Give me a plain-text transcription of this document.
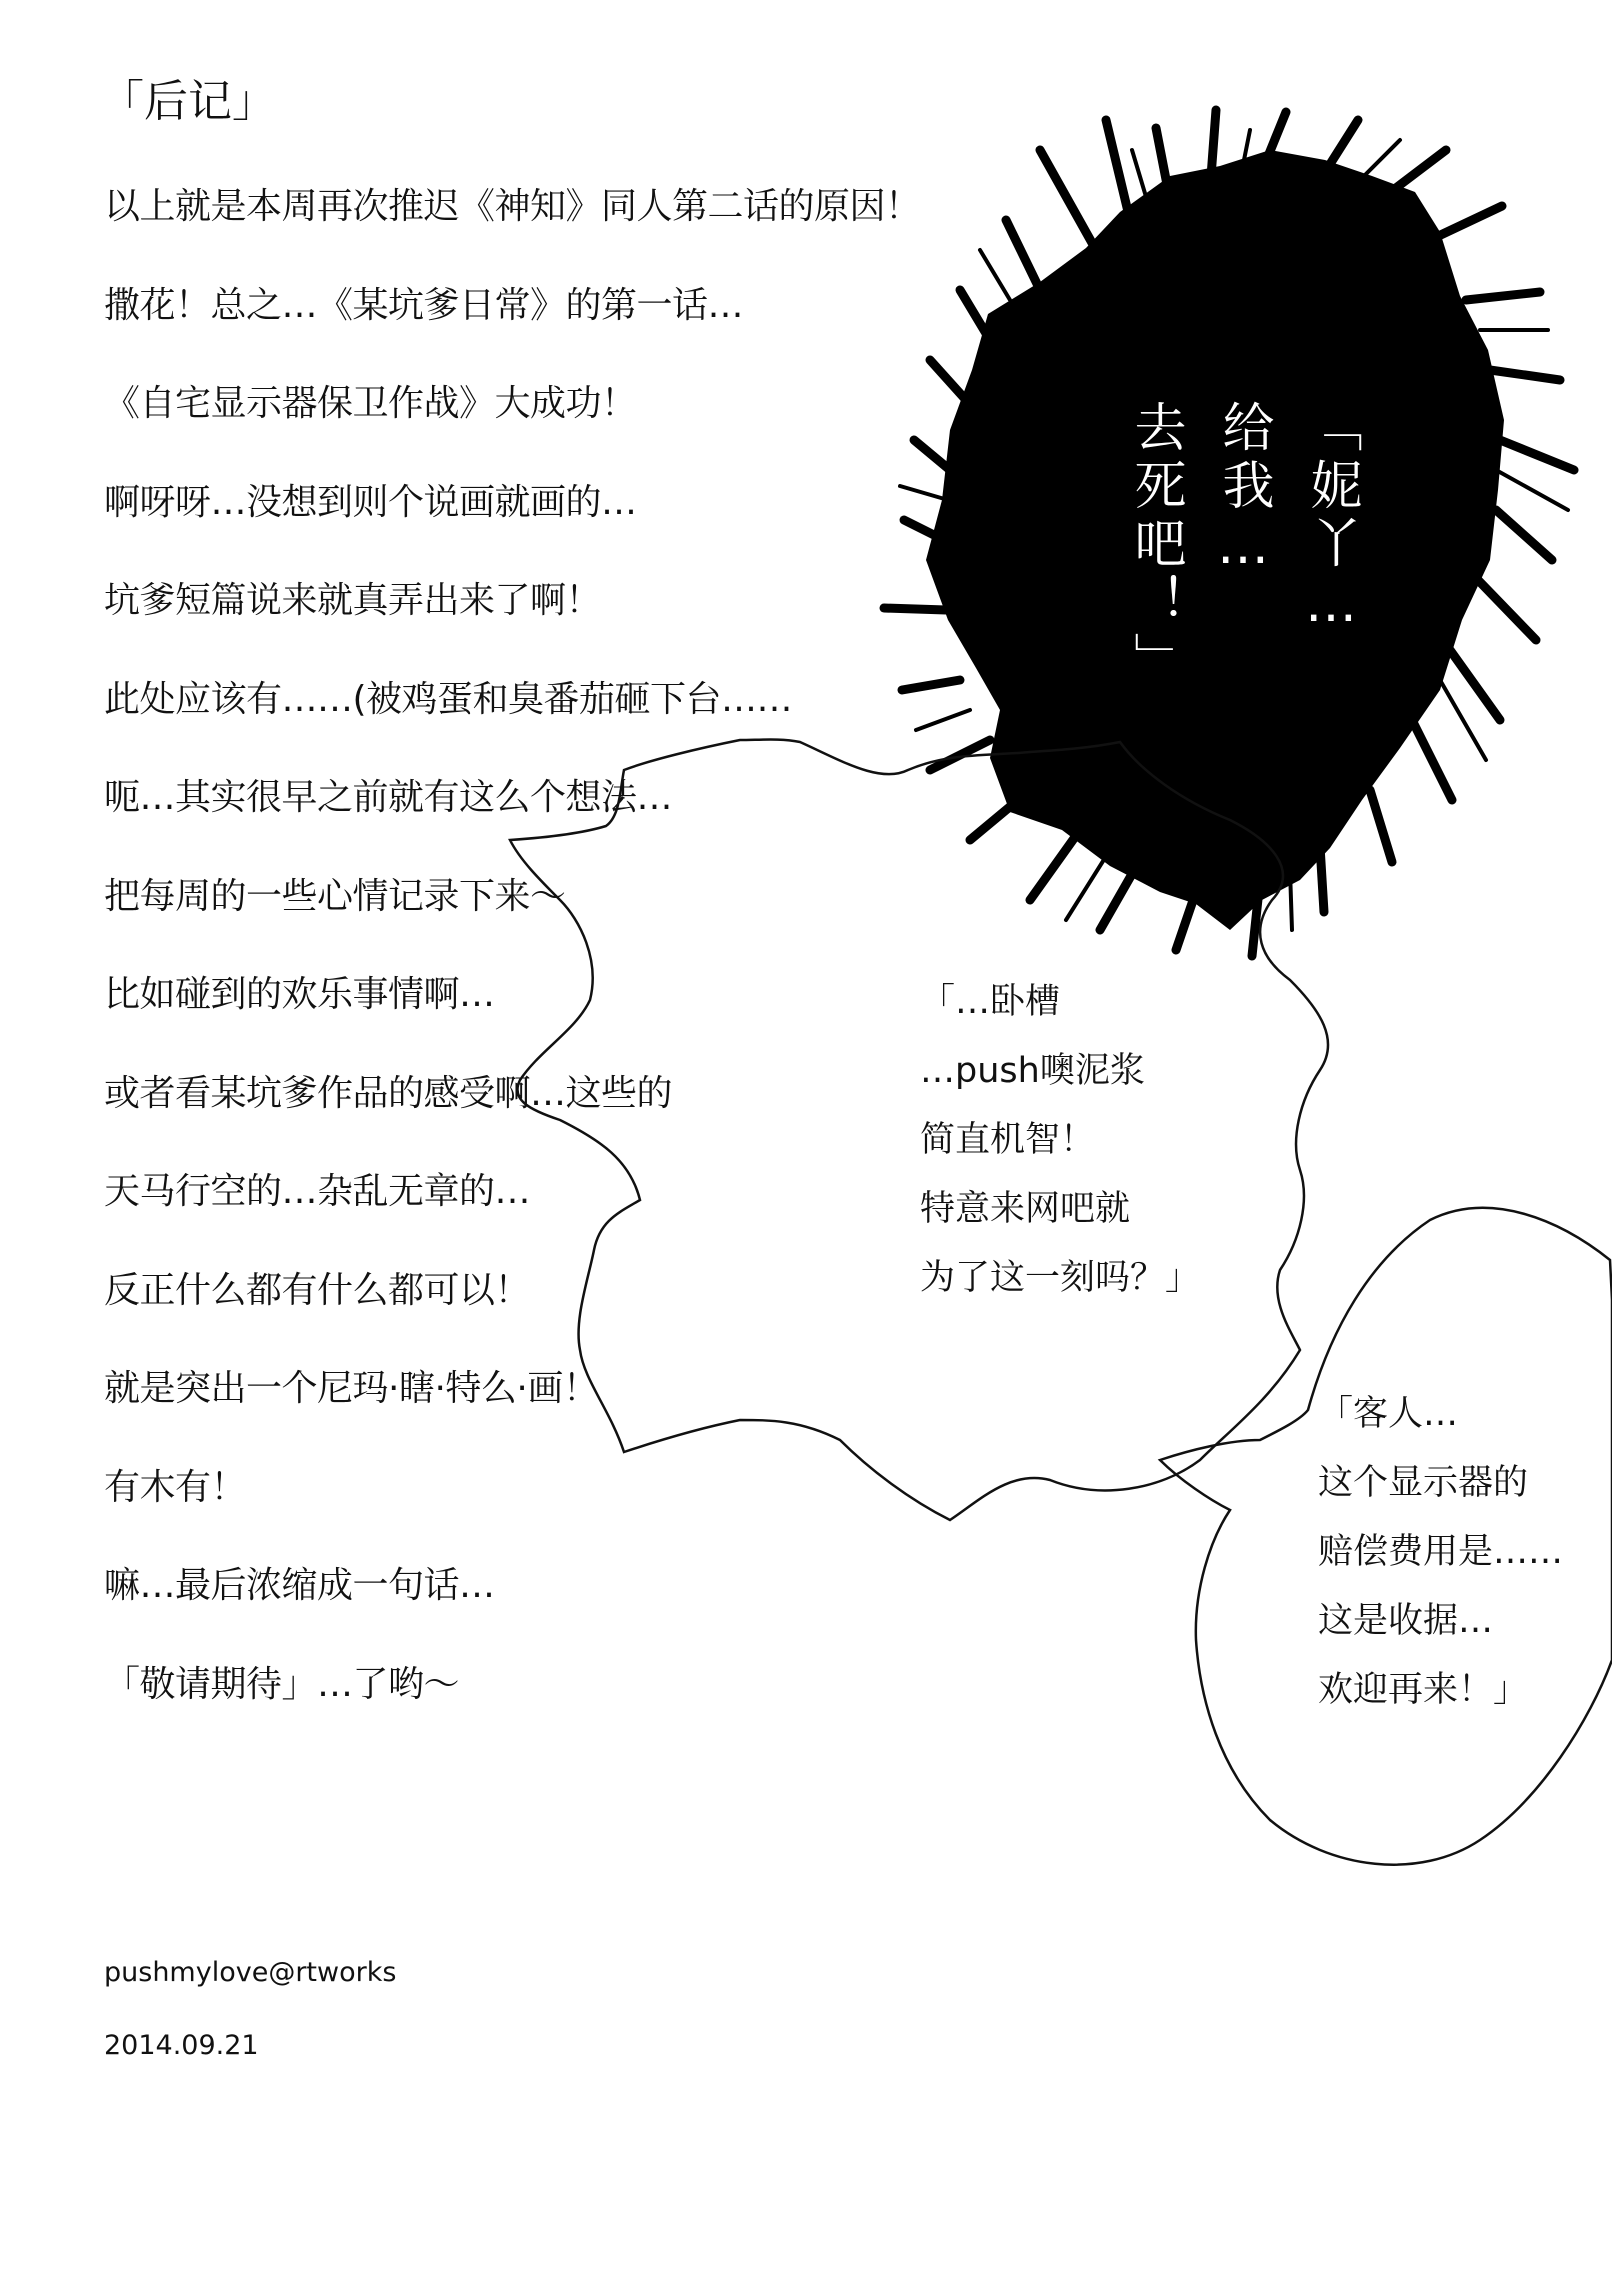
「后记」
以上就是本周再次推迟《神知》同人第二话的原因！
撒花！总之…《某坑爹日常》的第一话…
《自宅显示器保卫作战》大成功！
啊呀呀…没想到则个说画就画的…
坑爹短篇说来就真弄出来了啊！
此处应该有……(被鸡蛋和臭番茄砸下台……
呃…其实很早之前就有这么个想法…
把每周的一些心情记录下来～
比如碰到的欢乐事情啊…
或者看某坑爹作品的感受啊…这些的
天马行空的…杂乱无章的…
反正什么都有什么都可以！
就是突出一个尼玛·瞎·特么·画！
有木有！
嘛…最后浓缩成一句话…
「敬请期待」…了哟～
「妮丫…
给我…
去死吧！」
「…卧槽
…push噢泥浆
简直机智！
特意来网吧就
为了这一刻吗？」
「客人…
这个显示器的
赔偿费用是……
这是收据…
欢迎再来！」
pushmylove@rtworks
2014.09.21
